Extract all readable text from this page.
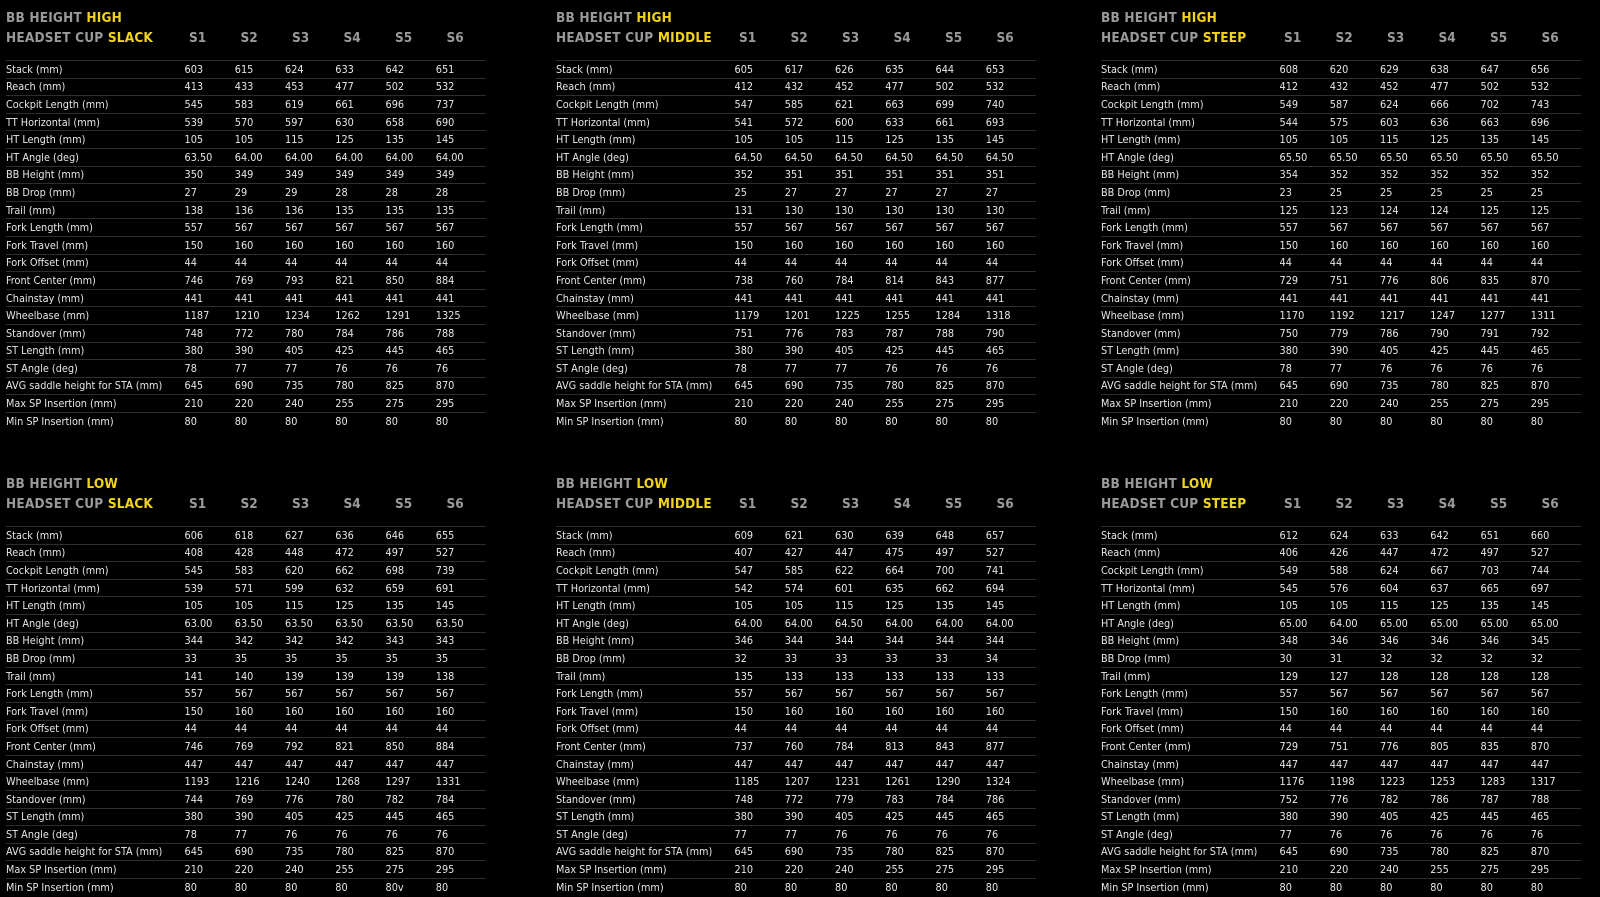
BB HEIGHT HIGH
HEADSET CUP SLACK	S1	S2	S3	S4	S5	S6
Stack (mm)	603	615	624	633	642	651
Reach (mm)	413	433	453	477	502	532
Cockpit Length (mm)	545	583	619	661	696	737
TT Horizontal (mm)	539	570	597	630	658	690
HT Length (mm)	105	105	115	125	135	145
HT Angle (deg)	63.50	64.00	64.00	64.00	64.00	64.00
BB Height (mm)	350	349	349	349	349	349
BB Drop (mm)	27	29	29	28	28	28
Trail (mm)	138	136	136	135	135	135
Fork Length (mm)	557	567	567	567	567	567
Fork Travel (mm)	150	160	160	160	160	160
Fork Offset (mm)	44	44	44	44	44	44
Front Center (mm)	746	769	793	821	850	884
Chainstay (mm)	441	441	441	441	441	441
Wheelbase (mm)	1187	1210	1234	1262	1291	1325
Standover (mm)	748	772	780	784	786	788
ST Length (mm)	380	390	405	425	445	465
ST Angle (deg)	78	77	77	76	76	76
AVG saddle height for STA (mm)	645	690	735	780	825	870
Max SP Insertion (mm)	210	220	240	255	275	295
Min SP Insertion (mm)	80	80	80	80	80	80
BB HEIGHT HIGH
HEADSET CUP MIDDLE S1	S2	S3	S4	S5	S6
Stack (mm)	605	617	626	635	644	653
Reach (mm)	412	432	452	477	502	532
Cockpit Length (mm)	547	585	621	663	699	740
TT Horizontal (mm)	541	572	600	633	661	693
HT Length (mm)	105	105	115	125	135	145
HT Angle (deg)	64.50	64.50	64.50	64.50	64.50	64.50
BB Height (mm)	352	351	351	351	351	351
BB Drop (mm)	25	27	27	27	27	27
Trail (mm)	131	130	130	130	130	130
Fork Length (mm)	557	567	567	567	567	567
Fork Travel (mm)	150	160	160	160	160	160
Fork Offset (mm)	44	44	44	44	44	44
Front Center (mm)	738	760	784	814	843	877
Chainstay (mm)	441	441	441	441	441	441
Wheelbase (mm)	1179	1201	1225	1255	1284	1318
Standover (mm)	751	776	783	787	788	790
ST Length (mm)	380	390	405	425	445	465
ST Angle (deg)	78	77	77	76	76	76
AVG saddle height for STA (mm)	645	690	735	780	825	870
Max SP Insertion (mm)	210	220	240	255	275	295
Min SP Insertion (mm)	80	80	80	80	80	80
BB HEIGHT HIGH
HEADSET CUP STEEP	S1	S2	S3	S4	S5	S6
Stack (mm)	608	620	629	638	647	656
Reach (mm)	412	432	452	477	502	532
Cockpit Length (mm)	549	587	624	666	702	743
TT Horizontal (mm)	544	575	603	636	663	696
HT Length (mm)	105	105	115	125	135	145
HT Angle (deg)	65.50	65.50	65.50	65.50	65.50	65.50
BB Height (mm)	354	352	352	352	352	352
BB Drop (mm)	23	25	25	25	25	25
Trail (mm)	125	123	124	124	125	125
Fork Length (mm)	557	567	567	567	567	567
Fork Travel (mm)	150	160	160	160	160	160
Fork Offset (mm)	44	44	44	44	44	44
Front Center (mm)	729	751	776	806	835	870
Chainstay (mm)	441	441	441	441	441	441
Wheelbase (mm)	1170	1192	1217	1247	1277	1311
Standover (mm)	750	779	786	790	791	792
ST Length (mm)	380	390	405	425	445	465
ST Angle (deg)	78	77	76	76	76	76
AVG saddle height for STA (mm)	645	690	735	780	825	870
Max SP Insertion (mm)	210	220	240	255	275	295
Min SP Insertion (mm)	80	80	80	80	80	80
BB HEIGHT LOW
HEADSET CUP SLACK	S1	S2	S3	S4	S5	S6
Stack (mm)	606	618	627	636	646	655
Reach (mm)	408	428	448	472	497	527
Cockpit Length (mm)	545	583	620	662	698	739
TT Horizontal (mm)	539	571	599	632	659	691
HT Length (mm)	105	105	115	125	135	145
HT Angle (deg)	63.00	63.50	63.50	63.50	63.50	63.50
BB Height (mm)	344	342	342	342	343	343
BB Drop (mm)	33	35	35	35	35	35
Trail (mm)	141	140	139	139	139	138
Fork Length (mm)	557	567	567	567	567	567
Fork Travel (mm)	150	160	160	160	160	160
Fork Offset (mm)	44	44	44	44	44	44
Front Center (mm)	746	769	792	821	850	884
Chainstay (mm)	447	447	447	447	447	447
Wheelbase (mm)	1193	1216	1240	1268	1297	1331
Standover (mm)	744	769	776	780	782	784
ST Length (mm)	380	390	405	425	445	465
ST Angle (deg)	78	77	76	76	76	76
AVG saddle height for STA (mm)	645	690	735	780	825	870
Max SP Insertion (mm)	210	220	240	255	275	295
Min SP Insertion (mm)	80	80	80	80	80v	80
BB HEIGHT LOW
HEADSET CUP MIDDLE S1	S2	S3	S4	S5	S6
Stack (mm)	609	621	630	639	648	657
Reach (mm)	407	427	447	475	497	527
Cockpit Length (mm)	547	585	622	664	700	741
TT Horizontal (mm)	542	574	601	635	662	694
HT Length (mm)	105	105	115	125	135	145
HT Angle (deg)	64.00	64.00	64.50	64.00	64.00	64.00
BB Height (mm)	346	344	344	344	344	344
BB Drop (mm)	32	33	33	33	33	34
Trail (mm)	135	133	133	133	133	133
Fork Length (mm)	557	567	567	567	567	567
Fork Travel (mm)	150	160	160	160	160	160
Fork Offset (mm)	44	44	44	44	44	44
Front Center (mm)	737	760	784	813	843	877
Chainstay (mm)	447	447	447	447	447	447
Wheelbase (mm)	1185	1207	1231	1261	1290	1324
Standover (mm)	748	772	779	783	784	786
ST Length (mm)	380	390	405	425	445	465
ST Angle (deg)	77	77	76	76	76	76
AVG saddle height for STA (mm)	645	690	735	780	825	870
Max SP Insertion (mm)	210	220	240	255	275	295
Min SP Insertion (mm)	80	80	80	80	80	80
BB HEIGHT LOW
HEADSET CUP STEEP	S1	S2	S3	S4	S5	S6
Stack (mm)	612	624	633	642	651	660
Reach (mm)	406	426	447	472	497	527
Cockpit Length (mm)	549	588	624	667	703	744
TT Horizontal (mm)	545	576	604	637	665	697
HT Length (mm)	105	105	115	125	135	145
HT Angle (deg)	65.00	64.00	65.00	65.00	65.00	65.00
BB Height (mm)	348	346	346	346	346	345
BB Drop (mm)	30	31	32	32	32	32
Trail (mm)	129	127	128	128	128	128
Fork Length (mm)	557	567	567	567	567	567
Fork Travel (mm)	150	160	160	160	160	160
Fork Offset (mm)	44	44	44	44	44	44
Front Center (mm)	729	751	776	805	835	870
Chainstay (mm)	447	447	447	447	447	447
Wheelbase (mm)	1176	1198	1223	1253	1283	1317
Standover (mm)	752	776	782	786	787	788
ST Length (mm)	380	390	405	425	445	465
ST Angle (deg)	77	76	76	76	76	76
AVG saddle height for STA (mm)	645	690	735	780	825	870
Max SP Insertion (mm)	210	220	240	255	275	295
Min SP Insertion (mm)	80	80	80	80	80	80
